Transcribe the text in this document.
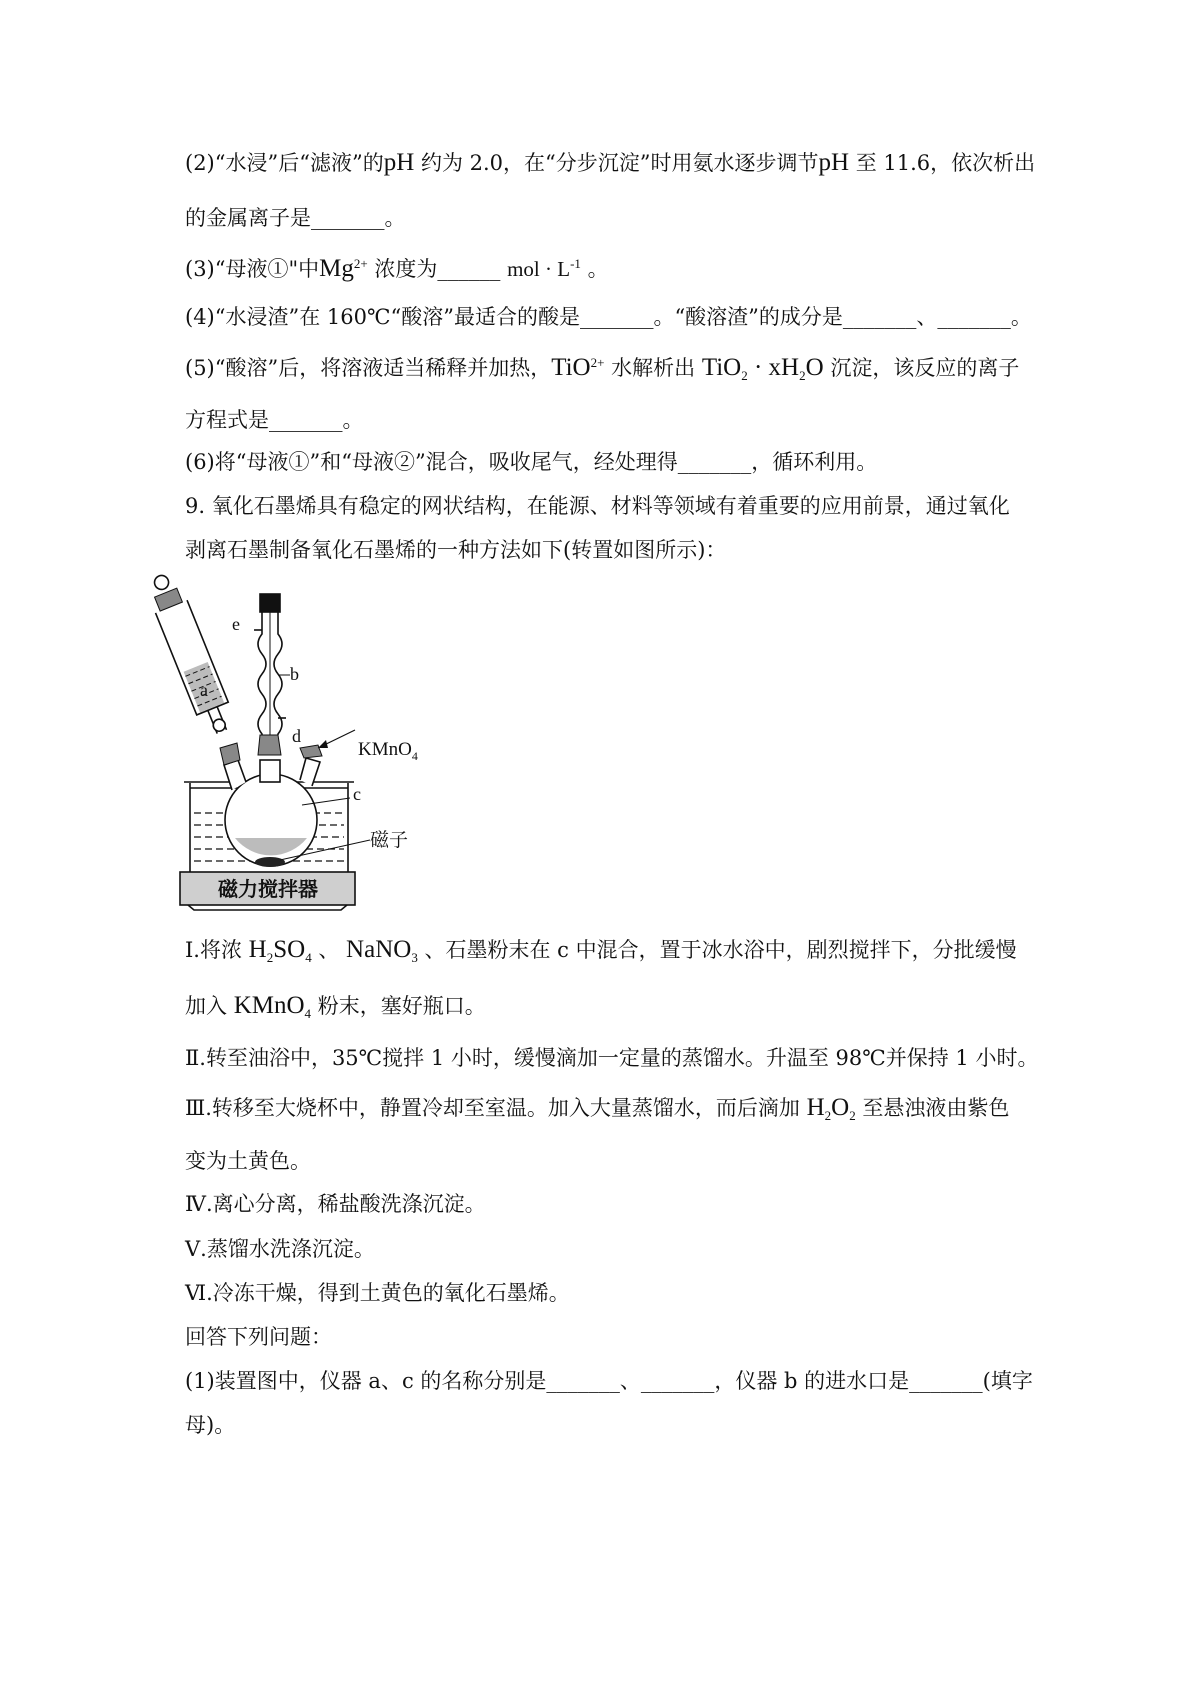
(2)“水浸”后“滤液”的pH 约为 2.0，在“分步沉淀”时用氨水逐步调节pH 至 11.6，依次析出
的金属离子是_______。
(3)“母液①"中$Mg^{2+}$ 浓度为______ mol · $L^{-1}$ 。
(4)“水浸渣”在 160℃“酸溶”最适合的酸是_______。“酸溶渣”的成分是_______、_______。
(5)“酸溶”后，将溶液适当稀释并加热，TiO$^{2+}$ 水解析出 $TiO_2 \cdot xH_2O$ 沉淀，该反应的离子
方程式是_______。
(6)将“母液①”和“母液②”混合，吸收尾气，经处理得_______，循环利用。
9. 氧化石墨烯具有稳定的网状结构，在能源、材料等领域有着重要的应用前景，通过氧化
剥离石墨制备氧化石墨烯的一种方法如下(转置如图所示)：
e
b
a
d
KMnO$_4$
c
磁子
磁力搅拌器
Ⅰ.将浓 $H_2SO_4$ 、 NaNO$_3$ 、石墨粉末在 c 中混合，置于冰水浴中，剧烈搅拌下，分批缓慢
加入 KMnO$_4$ 粉末，塞好瓶口。
Ⅱ.转至油浴中，35℃搅拌 1 小时，缓慢滴加一定量的蒸馏水。升温至 98℃并保持 1 小时。
Ⅲ.转移至大烧杯中，静置冷却至室温。加入大量蒸馏水，而后滴加 $H_2O_2$ 至悬浊液由紫色
变为土黄色。
Ⅳ.离心分离，稀盐酸洗涤沉淀。
Ⅴ.蒸馏水洗涤沉淀。
Ⅵ.冷冻干燥，得到土黄色的氧化石墨烯。
回答下列问题：
(1)装置图中，仪器 a、c 的名称分别是_______、_______，仪器 b 的进水口是_______(填字
母)。
